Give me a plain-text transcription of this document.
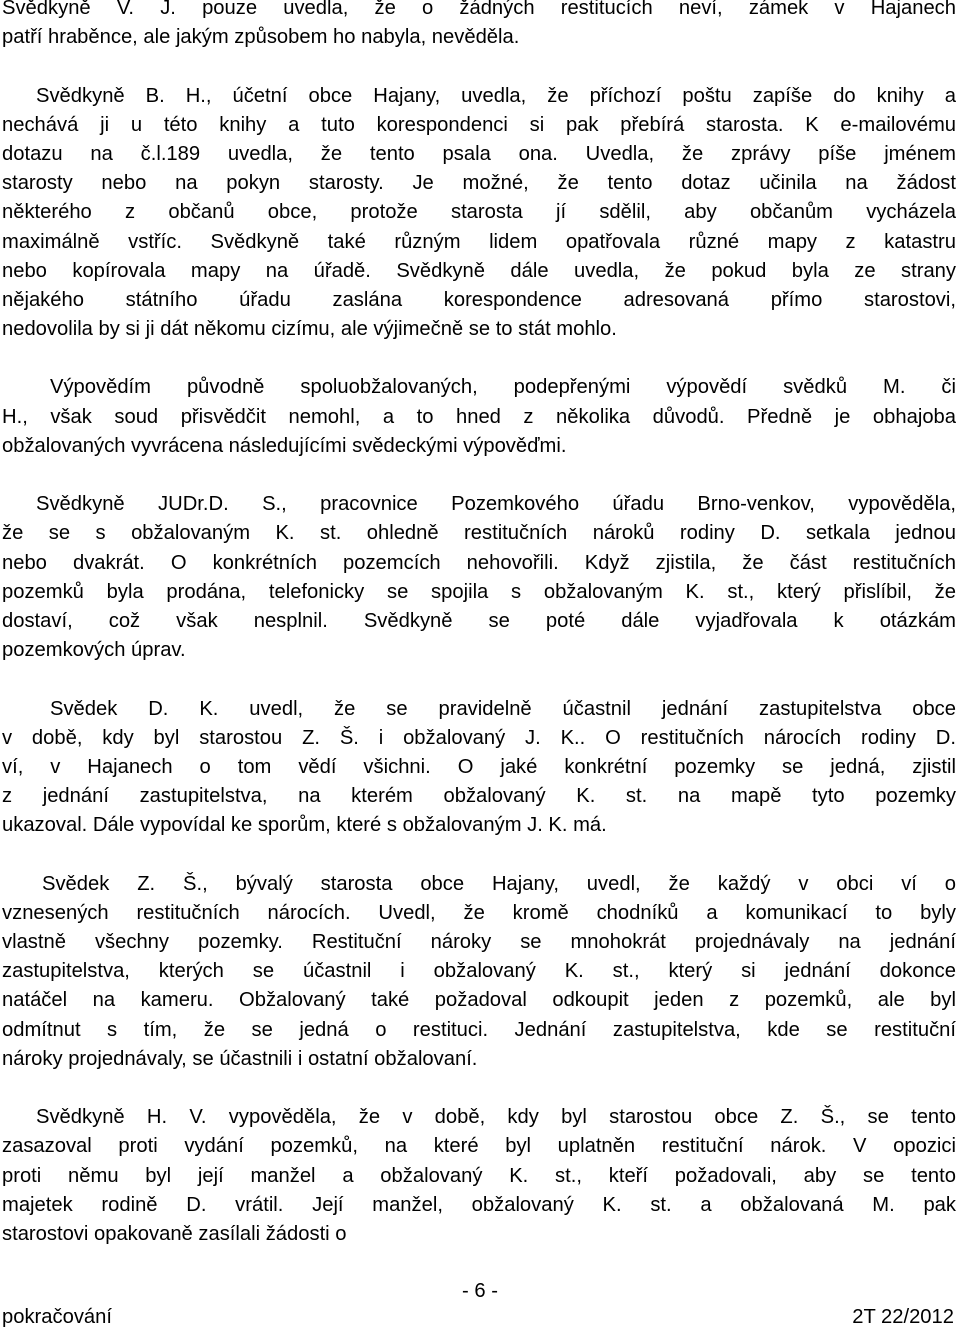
Svědkyně V. J. pouze uvedla, že o žádných restitucích neví, zámek v Hajanech
patří hraběnce, ale jakým způsobem ho nabyla, nevěděla.
Svědkyně B. H., účetní obce Hajany, uvedla, že příchozí poštu zapíše do knihy a
nechává ji u této knihy a tuto korespondenci si pak přebírá starosta. K e-mailovému
dotazu na č.l.189 uvedla, že tento psala ona. Uvedla, že zprávy píše jménem
starosty nebo na pokyn starosty. Je možné, že tento dotaz učinila na žádost
některého z občanů obce, protože starosta jí sdělil, aby občanům vycházela
maximálně vstříc. Svědkyně také různým lidem opatřovala různé mapy z katastru
nebo kopírovala mapy na úřadě. Svědkyně dále uvedla, že pokud byla ze strany
nějakého státního úřadu zaslána korespondence adresovaná přímo starostovi,
nedovolila by si ji dát někomu cizímu, ale výjimečně se to stát mohlo.
Výpovědím původně spoluobžalovaných, podepřenými výpovědí svědků M. či
H., však soud přisvědčit nemohl, a to hned z několika důvodů. Předně je obhajoba
obžalovaných vyvrácena následujícími svědeckými výpověďmi.
Svědkyně JUDr.D. S., pracovnice Pozemkového úřadu Brno-venkov, vypověděla,
že se s obžalovaným K. st. ohledně restitučních nároků rodiny D. setkala jednou
nebo dvakrát. O konkrétních pozemcích nehovořili. Když zjistila, že část restitučních
pozemků byla prodána, telefonicky se spojila s obžalovaným K. st., který přislíbil, že
dostaví, což však nesplnil. Svědkyně se poté dále vyjadřovala k otázkám
pozemkových úprav.
Svědek D. K. uvedl, že se pravidelně účastnil jednání zastupitelstva obce
v době, kdy byl starostou Z. Š. i obžalovaný J. K.. O restitučních nárocích rodiny D.
ví, v Hajanech o tom vědí všichni. O jaké konkrétní pozemky se jedná, zjistil
z jednání zastupitelstva, na kterém obžalovaný K. st. na mapě tyto pozemky
ukazoval. Dále vypovídal ke sporům, které s obžalovaným J. K. má.
Svědek Z. Š., bývalý starosta obce Hajany, uvedl, že každý v obci ví o
vznesených restitučních nárocích. Uvedl, že kromě chodníků a komunikací to byly
vlastně všechny pozemky. Restituční nároky se mnohokrát projednávaly na jednání
zastupitelstva, kterých se účastnil i obžalovaný K. st., který si jednání dokonce
natáčel na kameru. Obžalovaný také požadoval odkoupit jeden z pozemků, ale byl
odmítnut s tím, že se jedná o restituci. Jednání zastupitelstva, kde se restituční
nároky projednávaly, se účastnili i ostatní obžalovaní.
Svědkyně H. V. vypověděla, že v době, kdy byl starostou obce Z. Š., se tento
zasazoval proti vydání pozemků, na které byl uplatněn restituční nárok. V opozici
proti němu byl její manžel a obžalovaný K. st., kteří požadovali, aby se tento
majetek rodině D. vrátil. Její manžel, obžalovaný K. st. a obžalovaná M. pak
starostovi opakovaně zasílali žádosti o
- 6 -
pokračování	2T 22/2012
